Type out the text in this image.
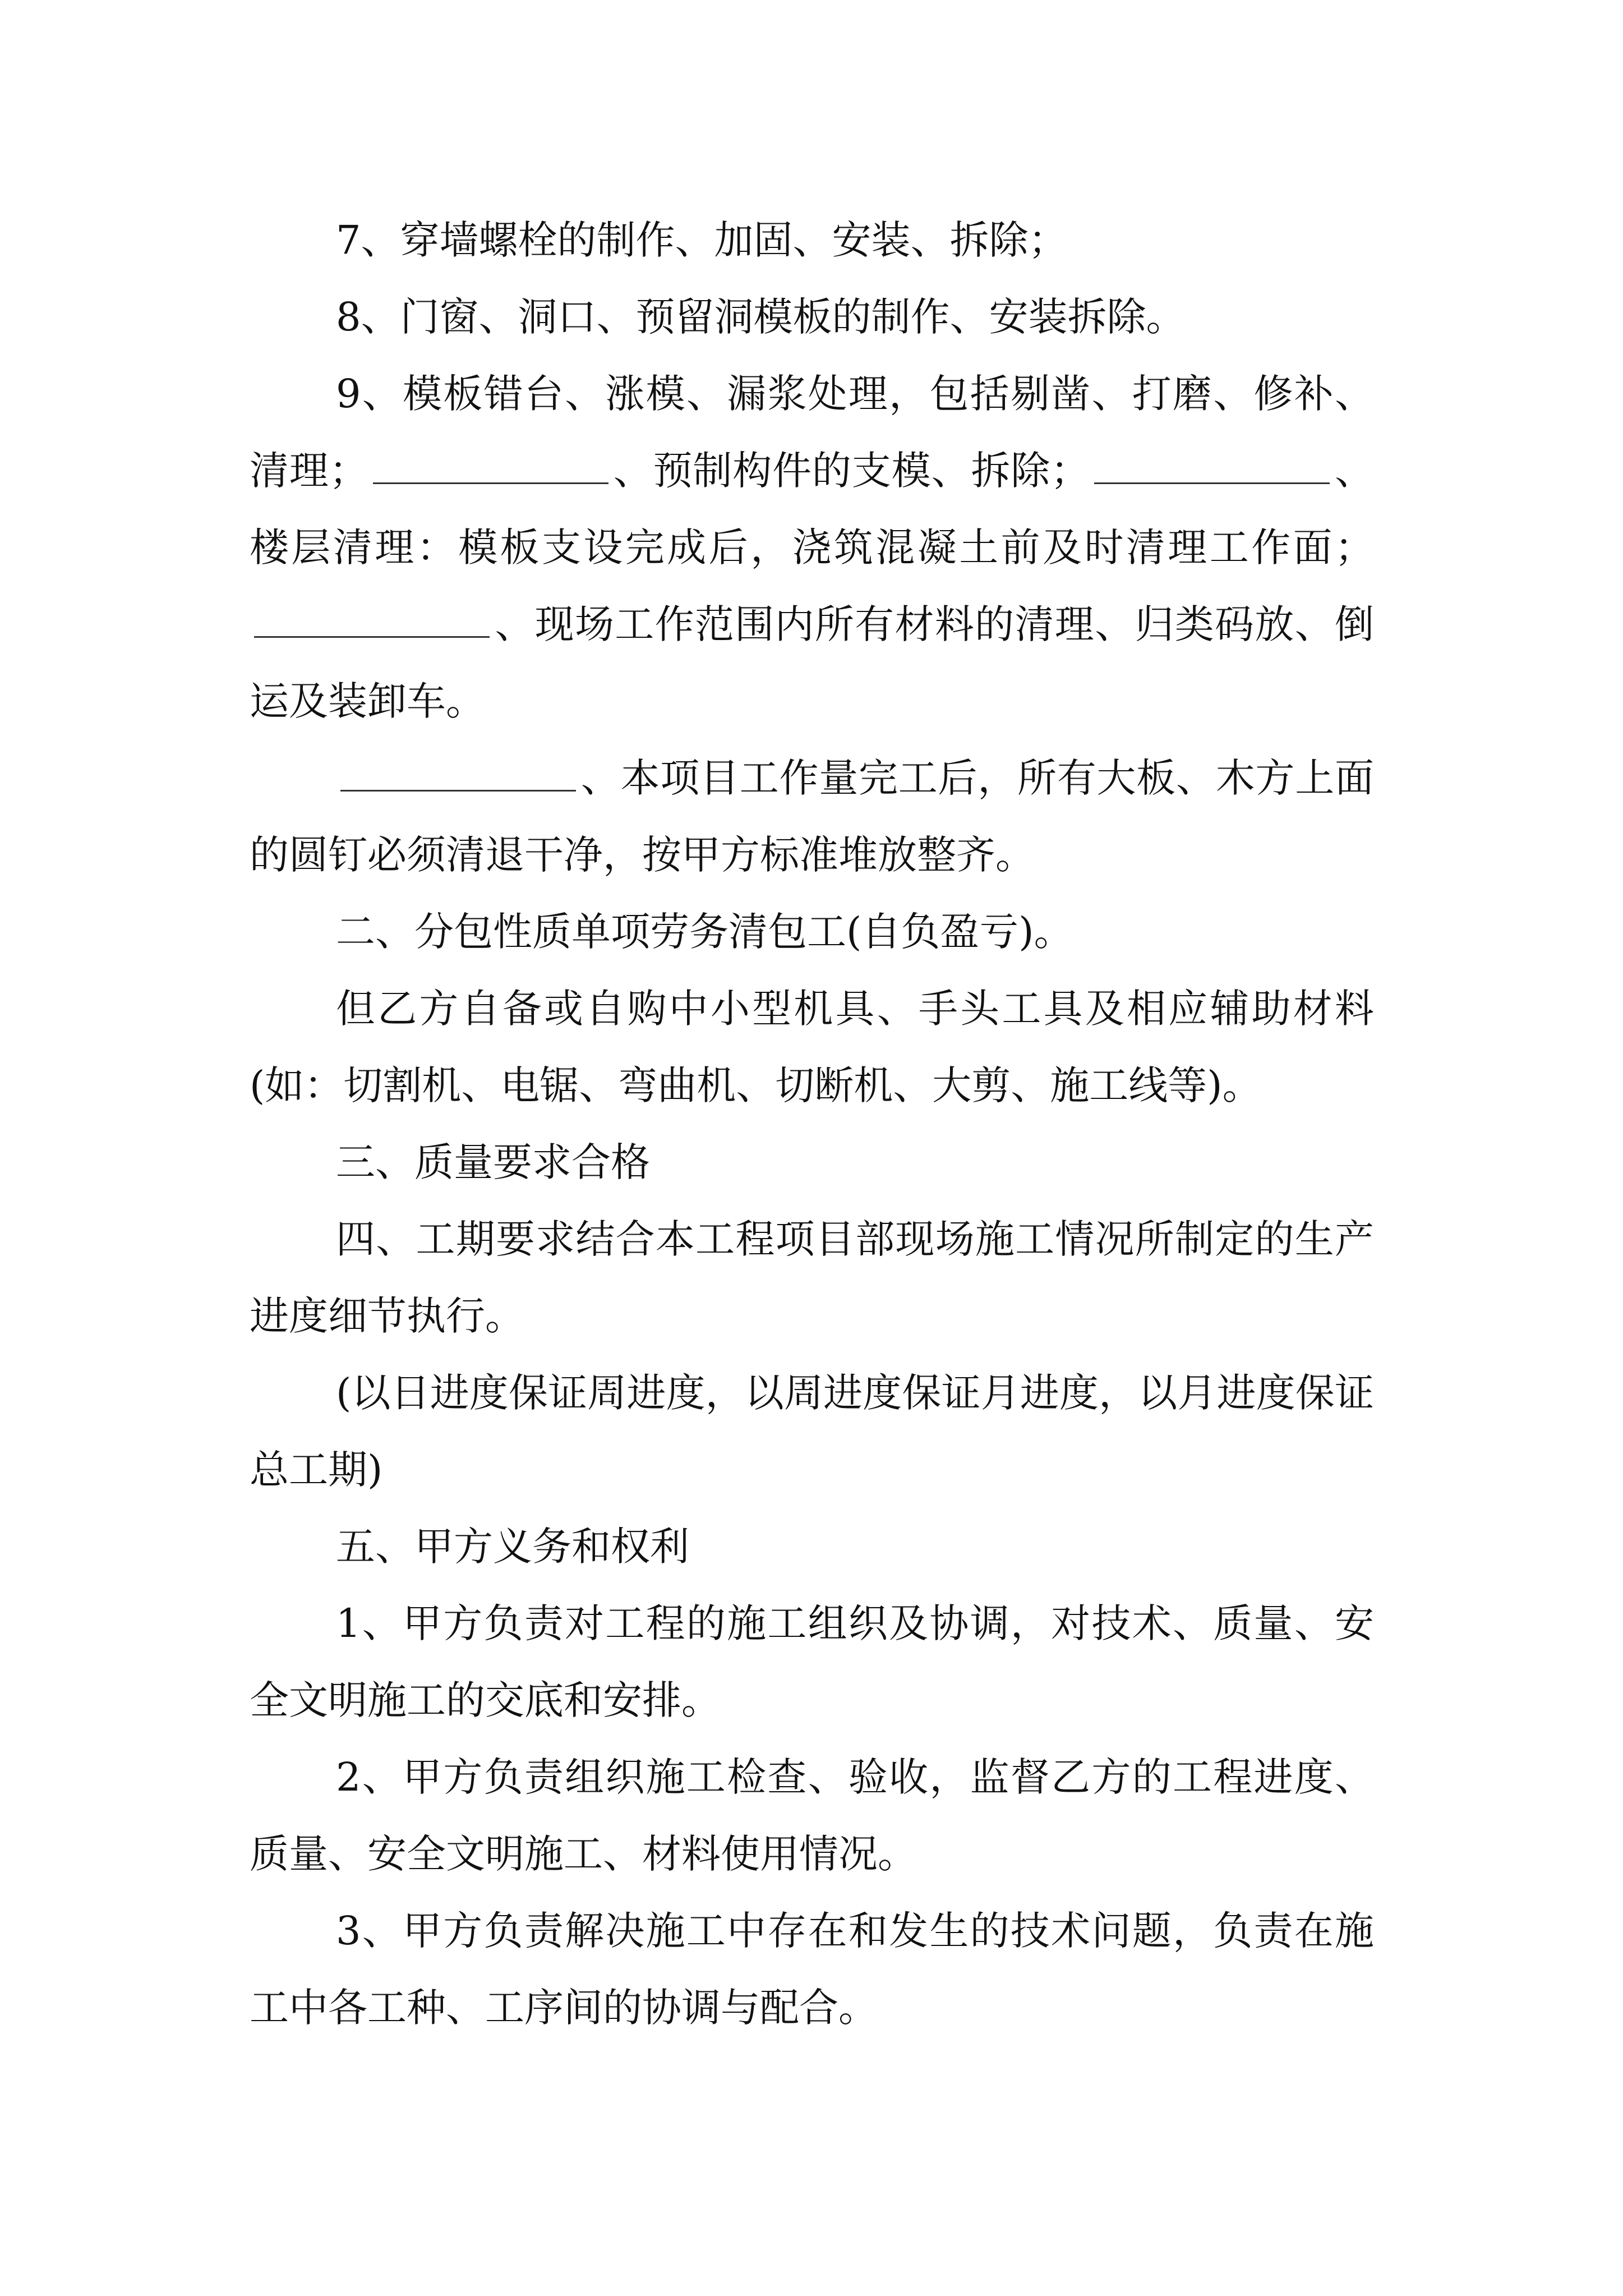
7、穿墙螺栓的制作、加固、安装、拆除；

8、门窗、洞口、预留洞模板的制作、安装拆除。

9、模板错台、涨模、漏浆处理，包括剔凿、打磨、修补、清理；	、预制构件的支模、拆除；	、楼层清理：模板支设完成后，浇筑混凝土前及时清理工作面；、现场工作范围内所有材料的清理、归类码放、倒运及装卸车。

、本项目工作量完工后，所有大板、木方上面的圆钉必须清退干净，按甲方标准堆放整齐。

二、分包性质单项劳务清包工(自负盈亏)。

但乙方自备或自购中小型机具、手头工具及相应辅助材料(如：切割机、电锯、弯曲机、切断机、大剪、施工线等)。

三、质量要求合格

四、工期要求结合本工程项目部现场施工情况所制定的生产进度细节执行。

(以日进度保证周进度，以周进度保证月进度，以月进度保证总工期)

五、甲方义务和权利

1、甲方负责对工程的施工组织及协调，对技术、质量、安全文明施工的交底和安排。

2、甲方负责组织施工检查、验收，监督乙方的工程进度、质量、安全文明施工、材料使用情况。

3、甲方负责解决施工中存在和发生的技术问题，负责在施工中各工种、工序间的协调与配合。
